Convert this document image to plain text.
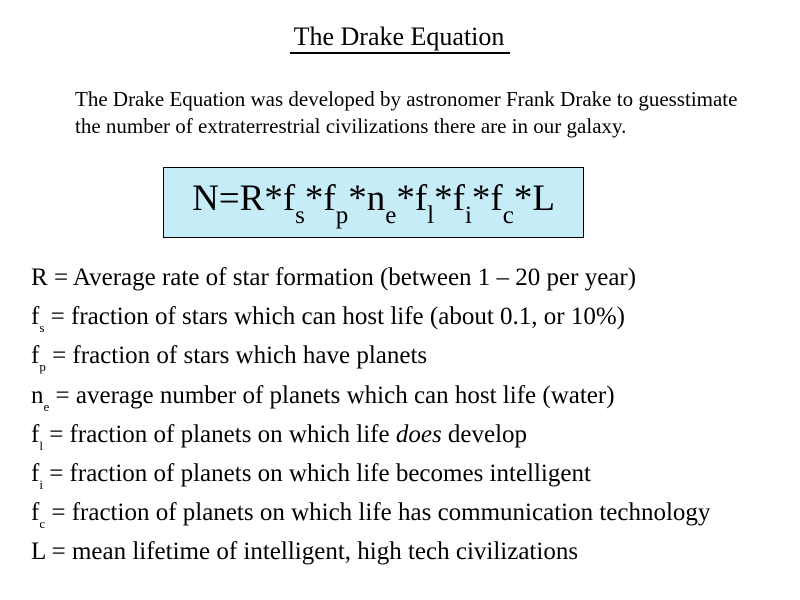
The Drake Equation
The Drake Equation was developed by astronomer Frank Drake to guesstimate the number of extraterrestrial civilizations there are in our galaxy.
$N=R*f_s$ $*f_p$ $*n_e$ $*f_l$ $*f_i$ $*f_c$ *L
R = Average rate of star formation (between 1 – 20 per year)
$f_s$ = fraction of stars which can host life (about 0.1, or 10%)
$f_p$ = fraction of stars which have planets
$n_e$ = average number of planets which can host life (water)
$f_l$ = fraction of planets on which life does develop
$f_i$ = fraction of planets on which life becomes intelligent
$f_c$ = fraction of planets on which life has communication technology
L = mean lifetime of intelligent, high tech civilizations
